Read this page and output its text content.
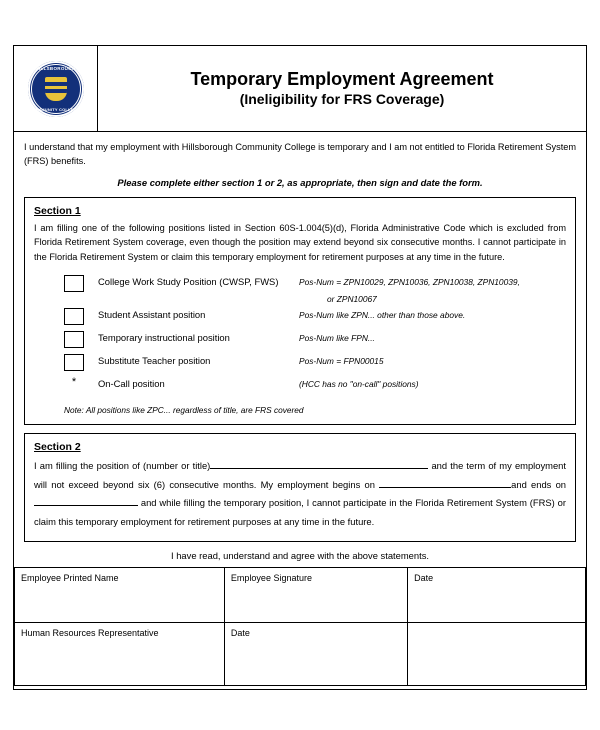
HILLSBOROUGH
COMMUNITY COLLEGE
Temporary Employment Agreement
(Ineligibility for FRS Coverage)
I understand that my employment with Hillsborough Community College is temporary and I am not entitled to Florida Retirement System (FRS) benefits.
Please complete either section 1 or 2, as appropriate, then sign and date the form.
Section 1
I am filling one of the following positions listed in Section 60S-1.004(5)(d), Florida Administrative Code which is excluded from Florida Retirement System coverage, even though the position may extend beyond six consecutive months. I cannot participate in the Florida Retirement System or claim this temporary employment for retirement purposes at any time in the future.
College Work Study Position (CWSP, FWS)	Pos-Num = ZPN10029, ZPN10036, ZPN10038, ZPN10039,
or ZPN10067
Student Assistant position	Pos-Num like ZPN... other than those above.
Temporary instructional position	Pos-Num like FPN...
Substitute Teacher position	Pos-Num = FPN00015
*	On-Call position	(HCC has no "on-call" positions)
Note: All positions like ZPC... regardless of title, are FRS covered
Section 2
I am filling the position of (number or title)	and the term of my employment will not exceed beyond six (6) consecutive months. My employment begins on	and ends on  and while filling the temporary position, I cannot participate in the Florida Retirement System (FRS) or claim this temporary employment for retirement purposes at any time in the future.
I have read, understand and agree with the above statements.
Employee Printed Name	Employee Signature	Date
Human Resources Representative	Date	
